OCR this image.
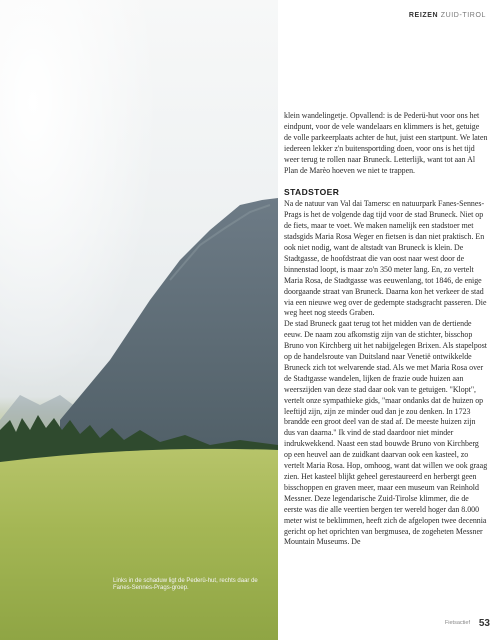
Links in de schaduw ligt de Pederü-hut, rechts daar de Fanes-Sennes-Prags-groep.
REIZEN ZUID-TIROL

klein wandelingetje. Opvallend: is de Pederü-hut voor ons het eindpunt, voor de vele wandelaars en klimmers is het, getuige de volle parkeerplaats achter de hut, juist een startpunt. We laten iedereen lekker z'n buitensportding doen, voor ons is het tijd weer terug te rollen naar Bruneck. Letterlijk, want tot aan Al Plan de Marèo hoeven we niet te trappen.

STADSTOER

Na de natuur van Val dai Tamersc en natuurpark Fanes-Sennes-Prags is het de volgende dag tijd voor de stad Bruneck. Niet op de fiets, maar te voet. We maken namelijk een stadstoer met stadsgids Maria Rosa Weger en fietsen is dan niet praktisch. En ook niet nodig, want de altstadt van Bruneck is klein. De Stadtgasse, de hoofdstraat die van oost naar west door de binnenstad loopt, is maar zo'n 350 meter lang. En, zo vertelt Maria Rosa, de Stadtgasse was eeuwenlang, tot 1846, de enige doorgaande straat van Bruneck. Daarna kon het verkeer de stad via een nieuwe weg over de gedempte stadsgracht passeren. Die weg heet nog steeds Graben.

De stad Bruneck gaat terug tot het midden van de dertiende eeuw. De naam zou afkomstig zijn van de stichter, bisschop Bruno von Kirchberg uit het nabijgelegen Brixen. Als stapelpost op de handelsroute van Duitsland naar Venetië ontwikkelde Bruneck zich tot welvarende stad. Als we met Maria Rosa over de Stadtgasse wandelen, lijken de frazie oude huizen aan weerszijden van deze stad daar ook van te getuigen. "Klopt", vertelt onze sympathieke gids, "maar ondanks dat de huizen op leeftijd zijn, zijn ze minder oud dan je zou denken. In 1723 brandde een groot deel van de stad af. De meeste huizen zijn dus van daarna." Ik vind de stad daardoor niet minder indrukwekkend. Naast een stad bouwde Bruno von Kirchberg op een heuvel aan de zuidkant daarvan ook een kasteel, zo vertelt Maria Rosa. Hop, omhoog, want dat willen we ook graag zien. Het kasteel blijkt geheel gerestaureerd en herbergt geen bisschoppen en graven meer, maar een museum van Reinhold Messner. Deze legendarische Zuid-Tirolse klimmer, die de eerste was die alle veertien bergen ter wereld hoger dan 8.000 meter wist te beklimmen, heeft zich de afgelopen twee decennia gericht op het oprichten van bergmusea, de zogeheten Messner Mountain Museums. De

Fietsactief 53
